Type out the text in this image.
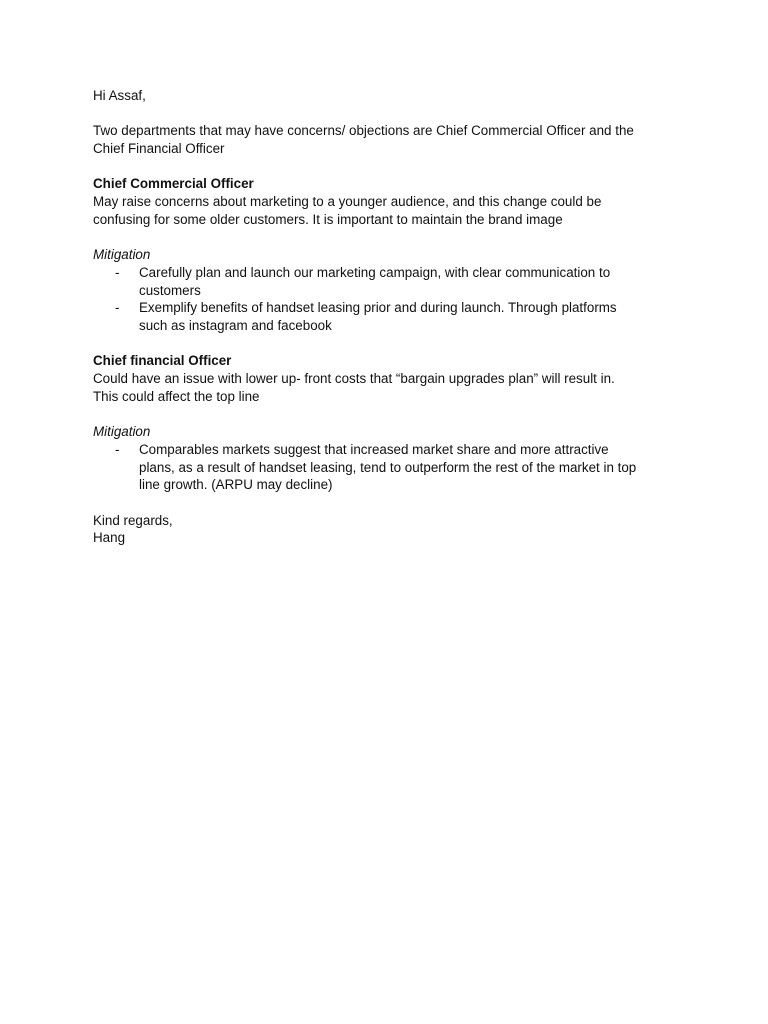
Hi Assaf,
Two departments that may have concerns/ objections are Chief Commercial Officer and the
Chief Financial Officer
Chief Commercial Officer
May raise concerns about marketing to a younger audience, and this change could be
confusing for some older customers. It is important to maintain the brand image
Mitigation
- Carefully plan and launch our marketing campaign, with clear communication to
customers
- Exemplify benefits of handset leasing prior and during launch. Through platforms
such as instagram and facebook
Chief financial Officer
Could have an issue with lower up- front costs that “bargain upgrades plan” will result in.
This could affect the top line
Mitigation
- Comparables markets suggest that increased market share and more attractive
plans, as a result of handset leasing, tend to outperform the rest of the market in top
line growth. (ARPU may decline)
Kind regards,
Hang
